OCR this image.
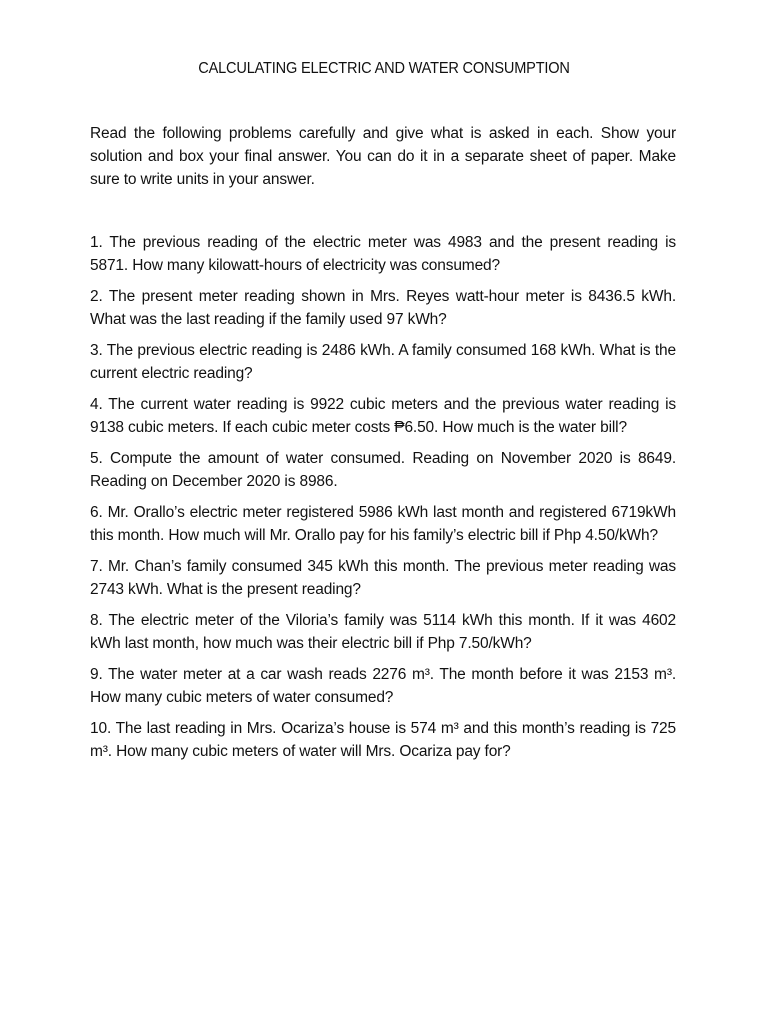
CALCULATING ELECTRIC AND WATER CONSUMPTION
Read the following problems carefully and give what is asked in each. Show your solution and box your final answer. You can do it in a separate sheet of paper. Make sure to write units in your answer.

1. The previous reading of the electric meter was 4983 and the present reading is 5871. How many kilowatt-hours of electricity was consumed?

2. The present meter reading shown in Mrs. Reyes watt-hour meter is 8436.5 kWh. What was the last reading if the family used 97 kWh?

3. The previous electric reading is 2486 kWh. A family consumed 168 kWh. What is the current electric reading?

4. The current water reading is 9922 cubic meters and the previous water reading is 9138 cubic meters. If each cubic meter costs ₱6.50. How much is the water bill?

5. Compute the amount of water consumed. Reading on November 2020 is 8649. Reading on December 2020 is 8986.

6. Mr. Orallo’s electric meter registered 5986 kWh last month and registered 6719kWh this month. How much will Mr. Orallo pay for his family’s electric bill if Php 4.50/kWh?

7. Mr. Chan’s family consumed 345 kWh this month. The previous meter reading was 2743 kWh. What is the present reading?

8. The electric meter of the Viloria’s family was 5114 kWh this month. If it was 4602 kWh last month, how much was their electric bill if Php 7.50/kWh?

9. The water meter at a car wash reads 2276 m³. The month before it was 2153 m³. How many cubic meters of water consumed?

10. The last reading in Mrs. Ocariza’s house is 574 m³ and this month’s reading is 725 m³. How many cubic meters of water will Mrs. Ocariza pay for?
